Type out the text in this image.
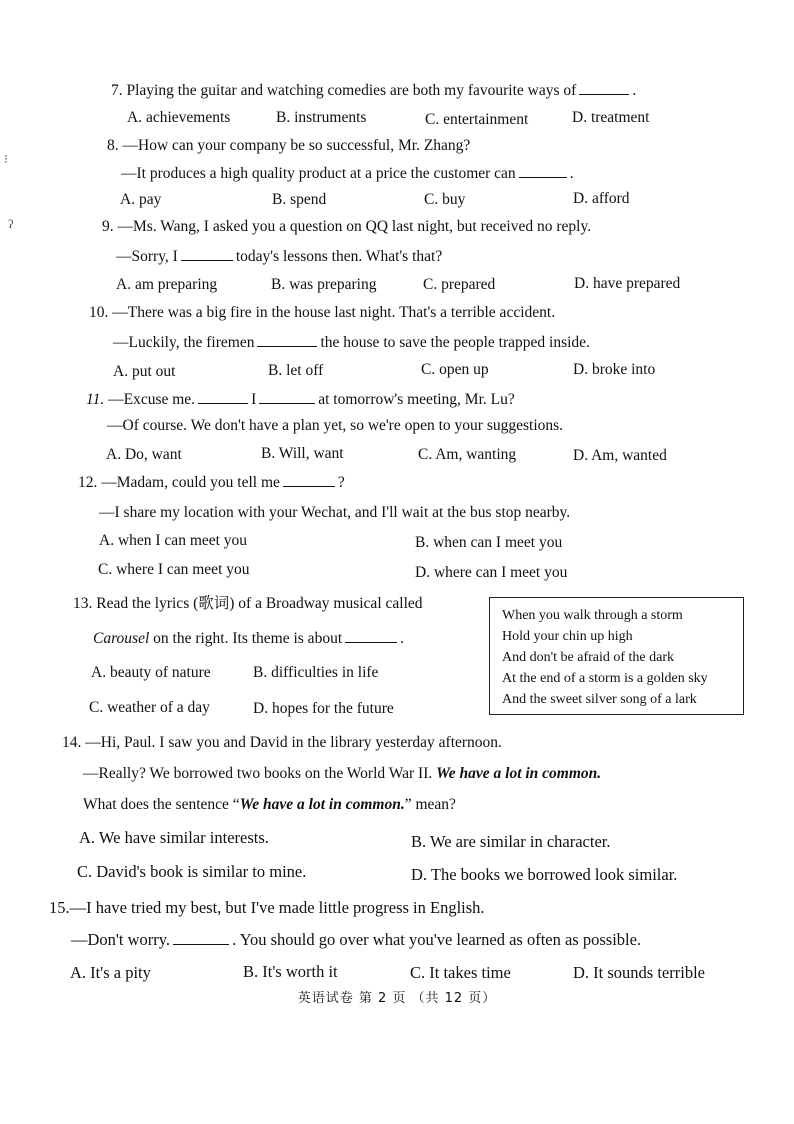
⁝
ʔ
7. Playing the guitar and watching comedies are both my favourite ways of	.
A. achievements	B. instruments	C. entertainment	D. treatment
8. —How can your company be so successful, Mr. Zhang?
—It produces a high quality product at a price the customer can	.
A. pay	B. spend	C. buy	D. afford
9. —Ms. Wang, I asked you a question on QQ last night, but received no reply.
—Sorry, I	today's lessons then. What's that?
A. am preparing	B. was preparing	C. prepared	D. have prepared
10. —There was a big fire in the house last night. That's a terrible accident.
—Luckily, the firemen	the house to save the people trapped inside.
A. put out	B. let off	C. open up	D. broke into
11. —Excuse me.	I	at tomorrow's meeting, Mr. Lu?
—Of course. We don't have a plan yet, so we're open to your suggestions.
A. Do, want	B. Will, want	C. Am, wanting	D. Am, wanted
12. —Madam, could you tell me	?
—I share my location with your Wechat, and I'll wait at the bus stop nearby.
A. when I can meet you	B. when can I meet you
C. where I can meet you	D. where can I meet you
13. Read the lyrics (歌词) of a Broadway musical called
Carousel on the right. Its theme is about	.
A. beauty of nature	B. difficulties in life
C. weather of a day	D. hopes for the future
When you walk through a storm
Hold your chin up high
And don't be afraid of the dark
At the end of a storm is a golden sky
And the sweet silver song of a lark
14. —Hi, Paul. I saw you and David in the library yesterday afternoon.
—Really? We borrowed two books on the World War II. We have a lot in common.
What does the sentence “We have a lot in common.” mean?
A. We have similar interests.	B. We are similar in character.
C. David's book is similar to mine.	D. The books we borrowed look similar.
15.—I have tried my best, but I've made little progress in English.
—Don't worry.	. You should go over what you've learned as often as possible.
A. It's a pity	B. It's worth it	C. It takes time	D. It sounds terrible
英语试卷 第 2 页 （共 12 页）
